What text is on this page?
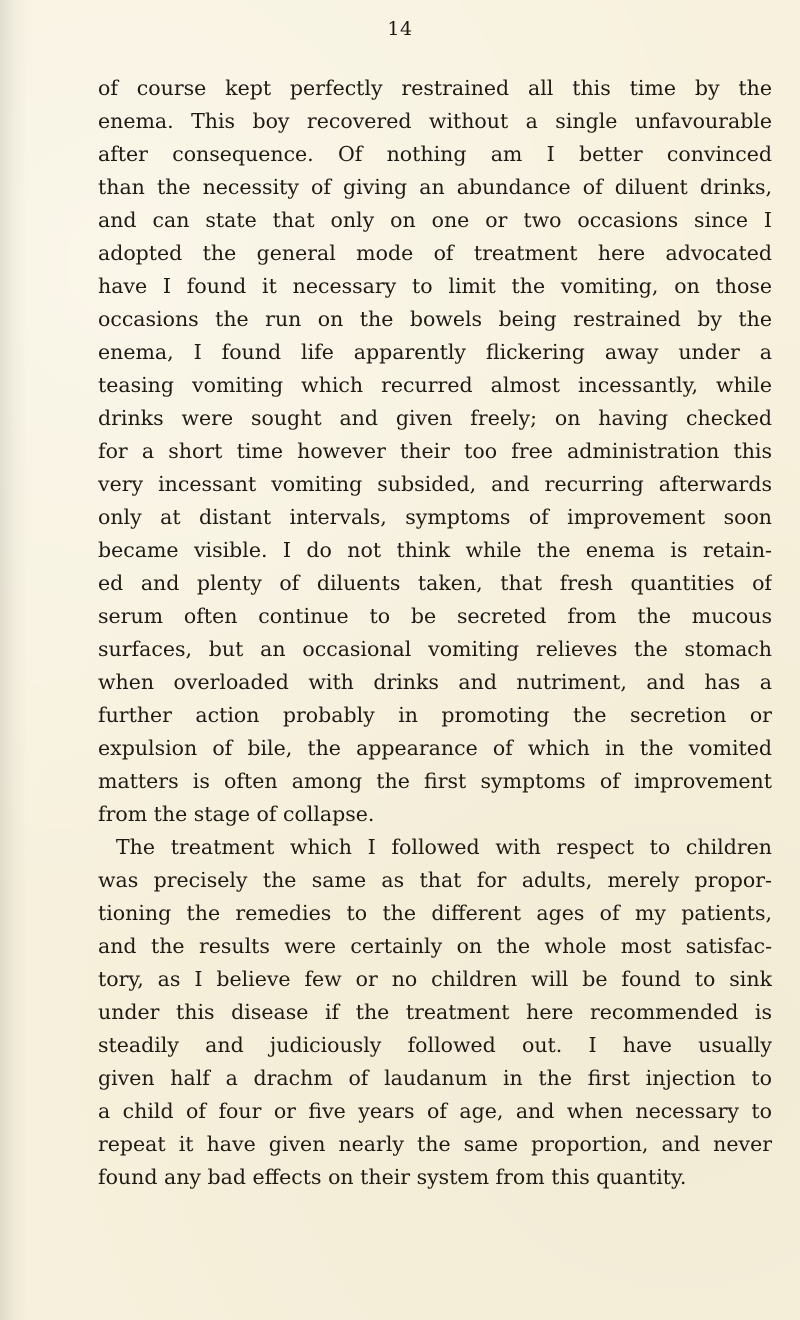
14
of course kept perfectly restrained all this time by the
enema. This boy recovered without a single unfavourable
after consequence. Of nothing am I better convinced
than the necessity of giving an abundance of diluent drinks,
and can state that only on one or two occasions since I
adopted the general mode of treatment here advocated
have I found it necessary to limit the vomiting, on those
occasions the run on the bowels being restrained by the
enema, I found life apparently flickering away under a
teasing vomiting which recurred almost incessantly, while
drinks were sought and given freely; on having checked
for a short time however their too free administration this
very incessant vomiting subsided, and recurring afterwards
only at distant intervals, symptoms of improvement soon
became visible. I do not think while the enema is retain-
ed and plenty of diluents taken, that fresh quantities of
serum often continue to be secreted from the mucous
surfaces, but an occasional vomiting relieves the stomach
when overloaded with drinks and nutriment, and has a
further action probably in promoting the secretion or
expulsion of bile, the appearance of which in the vomited
matters is often among the first symptoms of improvement
from the stage of collapse.
The treatment which I followed with respect to children
was precisely the same as that for adults, merely propor-
tioning the remedies to the different ages of my patients,
and the results were certainly on the whole most satisfac-
tory, as I believe few or no children will be found to sink
under this disease if the treatment here recommended is
steadily and judiciously followed out. I have usually
given half a drachm of laudanum in the first injection to
a child of four or five years of age, and when necessary to
repeat it have given nearly the same proportion, and never
found any bad effects on their system from this quantity.
